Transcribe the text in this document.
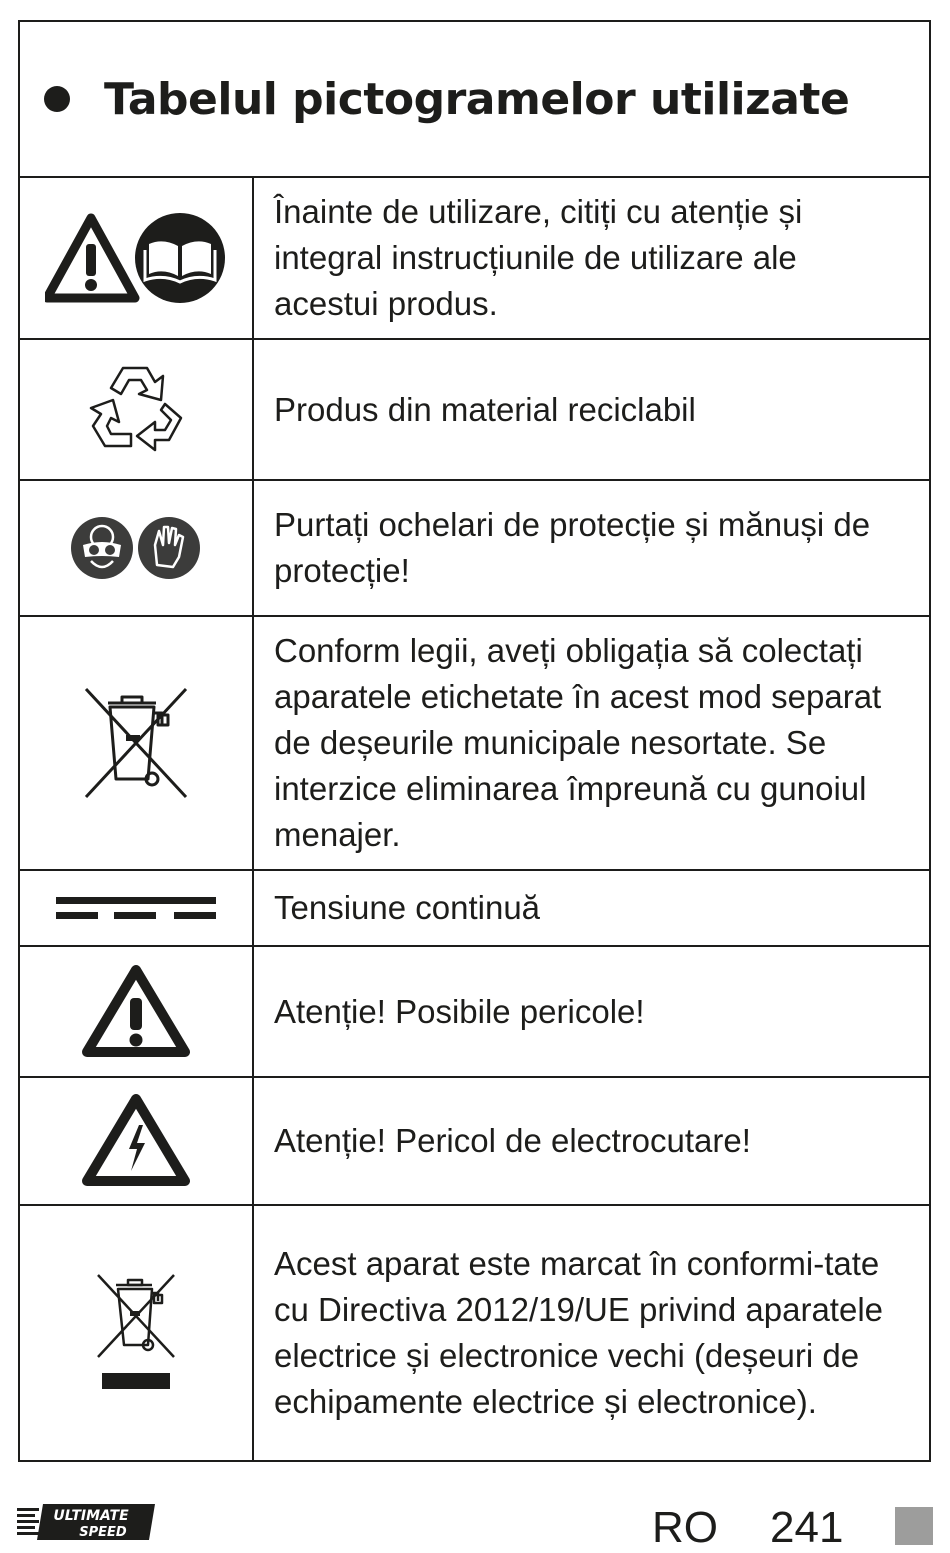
Tabelul pictogramelor utilizate
Înainte de utilizare, citiți cu atenție și integral instrucțiunile de utilizare ale acestui produs.
Produs din material reciclabil
Purtați ochelari de protecție și mănuși de protecție!
Conform legii, aveți obligația să colectați aparatele etichetate în acest mod separat de deșeurile municipale nesortate. Se interzice eliminarea împreună cu gunoiul menajer.
Tensiune continuă
Atenție! Posibile pericole!
Atenție! Pericol de electrocutare!
Acest aparat este marcat în conformi-tate cu Directiva 2012/19/UE privind aparatele electrice și electronice vechi (deșeuri de echipamente electrice și electronice).
ULTIMATE
SPEED	RO 241
